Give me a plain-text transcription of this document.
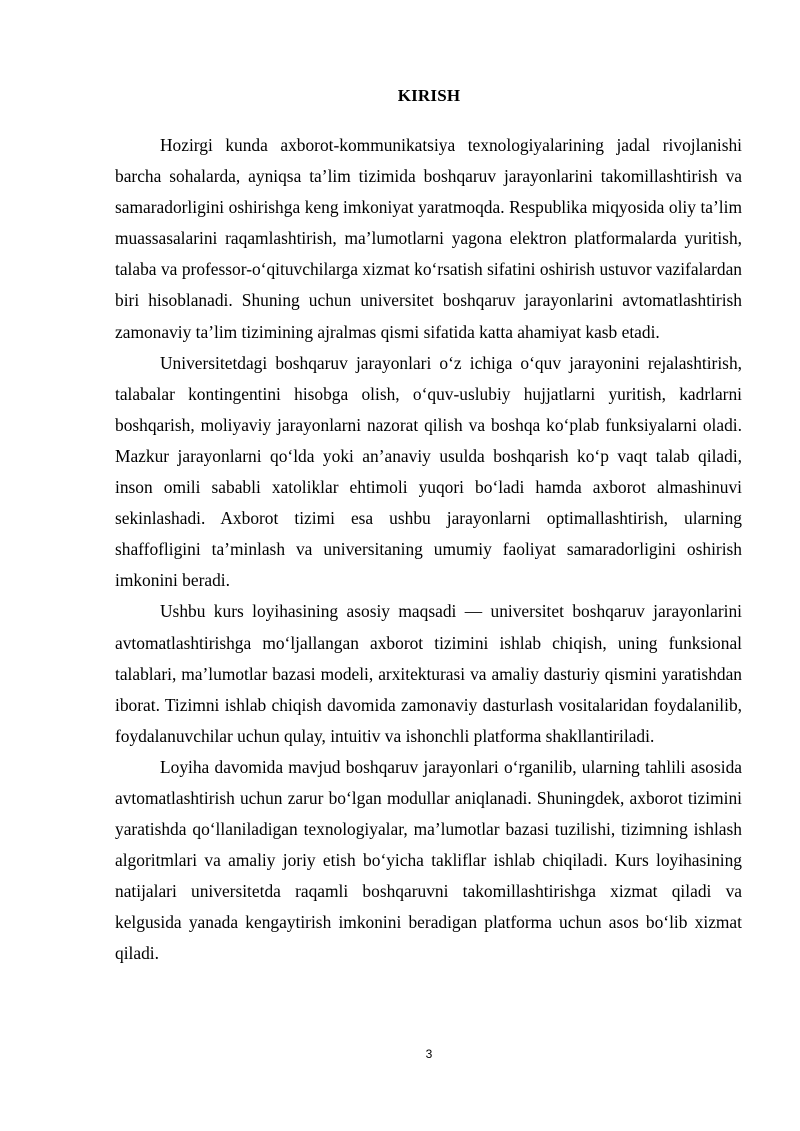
KIRISH

Hozirgi kunda axborot-kommunikatsiya texnologiyalarining jadal rivojlanishi barcha sohalarda, ayniqsa ta’lim tizimida boshqaruv jarayonlarini takomillashtirish va samaradorligini oshirishga keng imkoniyat yaratmoqda. Respublika miqyosida oliy ta’lim muassasalarini raqamlashtirish, ma’lumotlarni yagona elektron platformalarda yuritish, talaba va professor-o‘qituvchilarga xizmat ko‘rsatish sifatini oshirish ustuvor vazifalardan biri hisoblanadi. Shuning uchun universitet boshqaruv jarayonlarini avtomatlashtirish zamonaviy ta’lim tizimining ajralmas qismi sifatida katta ahamiyat kasb etadi.

Universitetdagi boshqaruv jarayonlari o‘z ichiga o‘quv jarayonini rejalashtirish, talabalar kontingentini hisobga olish, o‘quv-uslubiy hujjatlarni yuritish, kadrlarni boshqarish, moliyaviy jarayonlarni nazorat qilish va boshqa ko‘plab funksiyalarni oladi. Mazkur jarayonlarni qo‘lda yoki an’anaviy usulda boshqarish ko‘p vaqt talab qiladi, inson omili sababli xatoliklar ehtimoli yuqori bo‘ladi hamda axborot almashinuvi sekinlashadi. Axborot tizimi esa ushbu jarayonlarni optimallashtirish, ularning shaffofligini ta’minlash va universitaning umumiy faoliyat samaradorligini oshirish imkonini beradi.

Ushbu kurs loyihasining asosiy maqsadi — universitet boshqaruv jarayonlarini avtomatlashtirishga mo‘ljallangan axborot tizimini ishlab chiqish, uning funksional talablari, ma’lumotlar bazasi modeli, arxitekturasi va amaliy dasturiy qismini yaratishdan iborat. Tizimni ishlab chiqish davomida zamonaviy dasturlash vositalaridan foydalanilib, foydalanuvchilar uchun qulay, intuitiv va ishonchli platforma shakllantiriladi.

Loyiha davomida mavjud boshqaruv jarayonlari o‘rganilib, ularning tahlili asosida avtomatlashtirish uchun zarur bo‘lgan modullar aniqlanadi. Shuningdek, axborot tizimini yaratishda qo‘llaniladigan texnologiyalar, ma’lumotlar bazasi tuzilishi, tizimning ishlash algoritmlari va amaliy joriy etish bo‘yicha takliflar ishlab chiqiladi. Kurs loyihasining natijalari universitetda raqamli boshqaruvni takomillashtirishga xizmat qiladi va kelgusida yanada kengaytirish imkonini beradigan platforma uchun asos bo‘lib xizmat qiladi.

3
